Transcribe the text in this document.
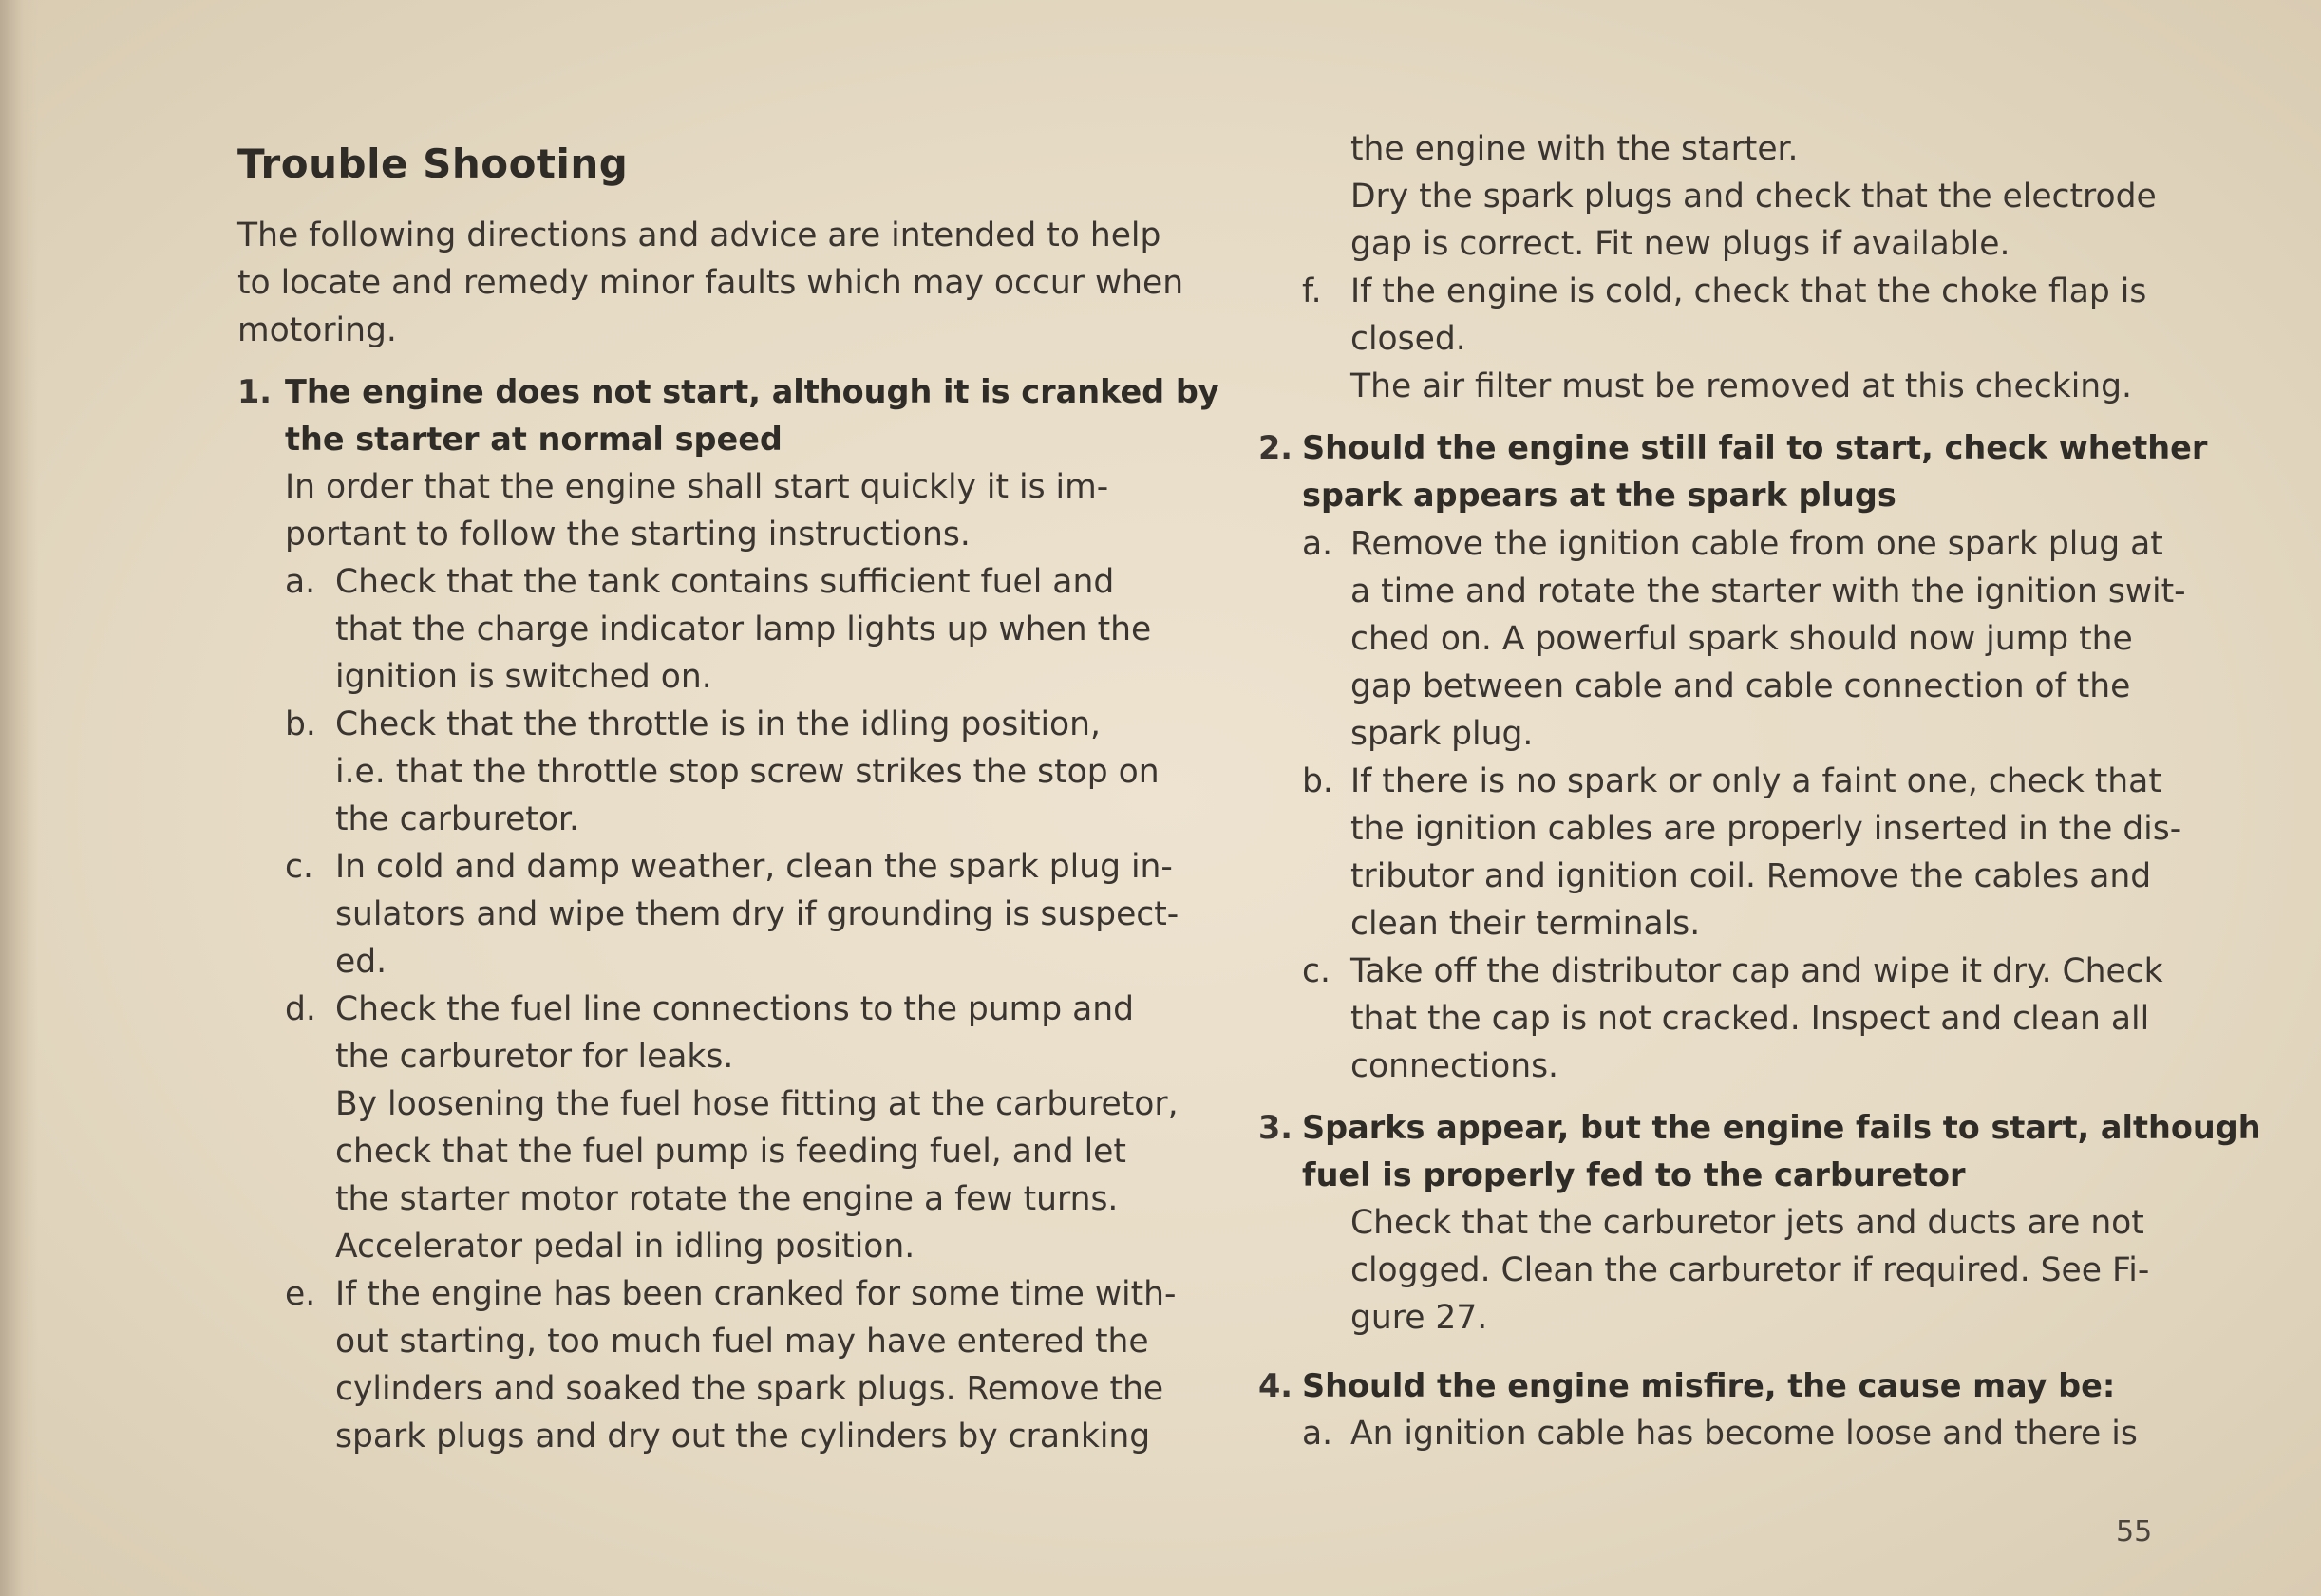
Trouble Shooting
The following directions and advice are intended to help
to locate and remedy minor faults which may occur when
motoring.
1. The engine does not start, although it is cranked by
the starter at normal speed
In order that the engine shall start quickly it is im-
portant to follow the starting instructions.
a. Check that the tank contains sufficient fuel and
that the charge indicator lamp lights up when the
ignition is switched on.
b. Check that the throttle is in the idling position,
i.e. that the throttle stop screw strikes the stop on
the carburetor.
c. In cold and damp weather, clean the spark plug in-
sulators and wipe them dry if grounding is suspect-
ed.
d. Check the fuel line connections to the pump and
the carburetor for leaks.
By loosening the fuel hose fitting at the carburetor,
check that the fuel pump is feeding fuel, and let
the starter motor rotate the engine a few turns.
Accelerator pedal in idling position.
e. If the engine has been cranked for some time with-
out starting, too much fuel may have entered the
cylinders and soaked the spark plugs. Remove the
spark plugs and dry out the cylinders by cranking
the engine with the starter.
Dry the spark plugs and check that the electrode
gap is correct. Fit new plugs if available.
f. If the engine is cold, check that the choke flap is
closed.
The air filter must be removed at this checking.
2. Should the engine still fail to start, check whether
spark appears at the spark plugs
a. Remove the ignition cable from one spark plug at
a time and rotate the starter with the ignition swit-
ched on. A powerful spark should now jump the
gap between cable and cable connection of the
spark plug.
b. If there is no spark or only a faint one, check that
the ignition cables are properly inserted in the dis-
tributor and ignition coil. Remove the cables and
clean their terminals.
c. Take off the distributor cap and wipe it dry. Check
that the cap is not cracked. Inspect and clean all
connections.
3. Sparks appear, but the engine fails to start, although
fuel is properly fed to the carburetor
Check that the carburetor jets and ducts are not
clogged. Clean the carburetor if required. See Fi-
gure 27.
4. Should the engine misfire, the cause may be:
a. An ignition cable has become loose and there is
55
